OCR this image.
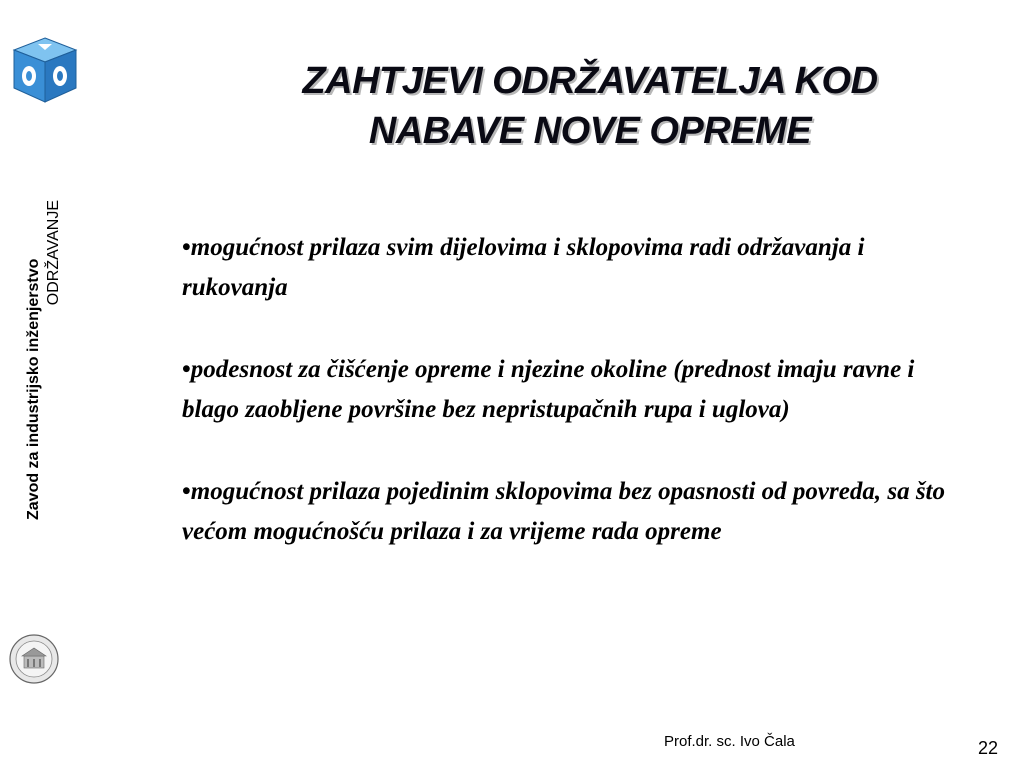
Zavod za industrijsko inženjerstvo
ODRŽAVANJE
ZAHTJEVI ODRŽAVATELJA KOD
NABAVE NOVE OPREME
•mogućnost prilaza svim dijelovima i sklopovima radi održavanja i rukovanja
•podesnost za čišćenje opreme i njezine okoline (prednost imaju ravne i blago zaobljene površine bez nepristupačnih rupa i uglova)
•mogućnost prilaza pojedinim sklopovima bez opasnosti od povreda, sa što većom mogućnošću prilaza i za vrijeme rada opreme
Prof.dr. sc. Ivo Čala	22
